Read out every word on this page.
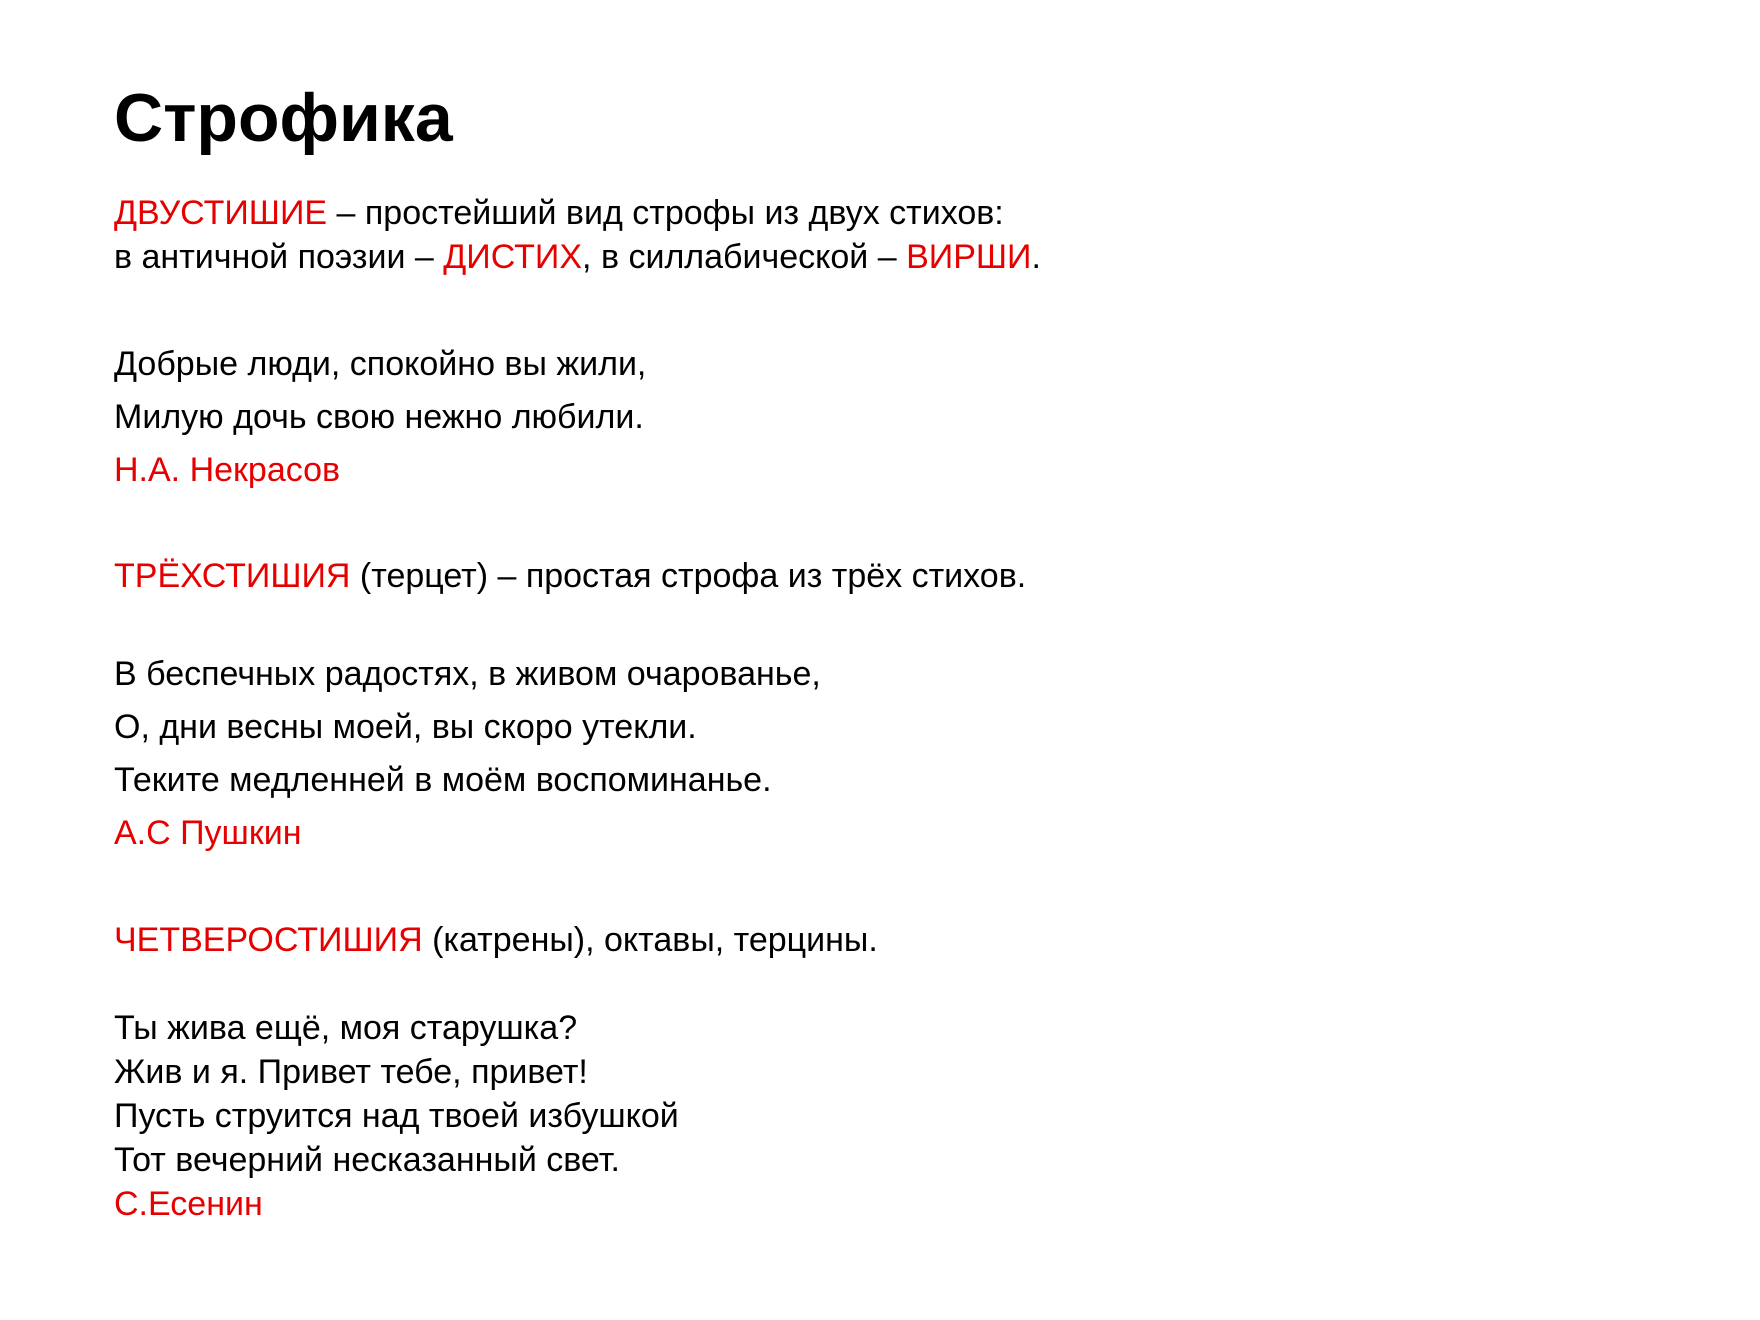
Строфика

ДВУСТИШИЕ – простейший вид строфы из двух стихов:

в античной поэзии – ДИСТИХ, в силлабической – ВИРШИ.

Добрые люди, спокойно вы жили,

Милую дочь свою нежно любили.

Н.А. Некрасов

ТРЁХСТИШИЯ (терцет) – простая строфа из трёх стихов.

В беспечных радостях, в живом очарованье,

О, дни весны моей, вы скоро утекли.

Теките медленней в моём воспоминанье.

А.С Пушкин

ЧЕТВЕРОСТИШИЯ (катрены), октавы, терцины.

Ты жива ещё, моя старушка?

Жив и я. Привет тебе, привет!

Пусть струится над твоей избушкой

Тот вечерний несказанный свет.

С.Есенин
